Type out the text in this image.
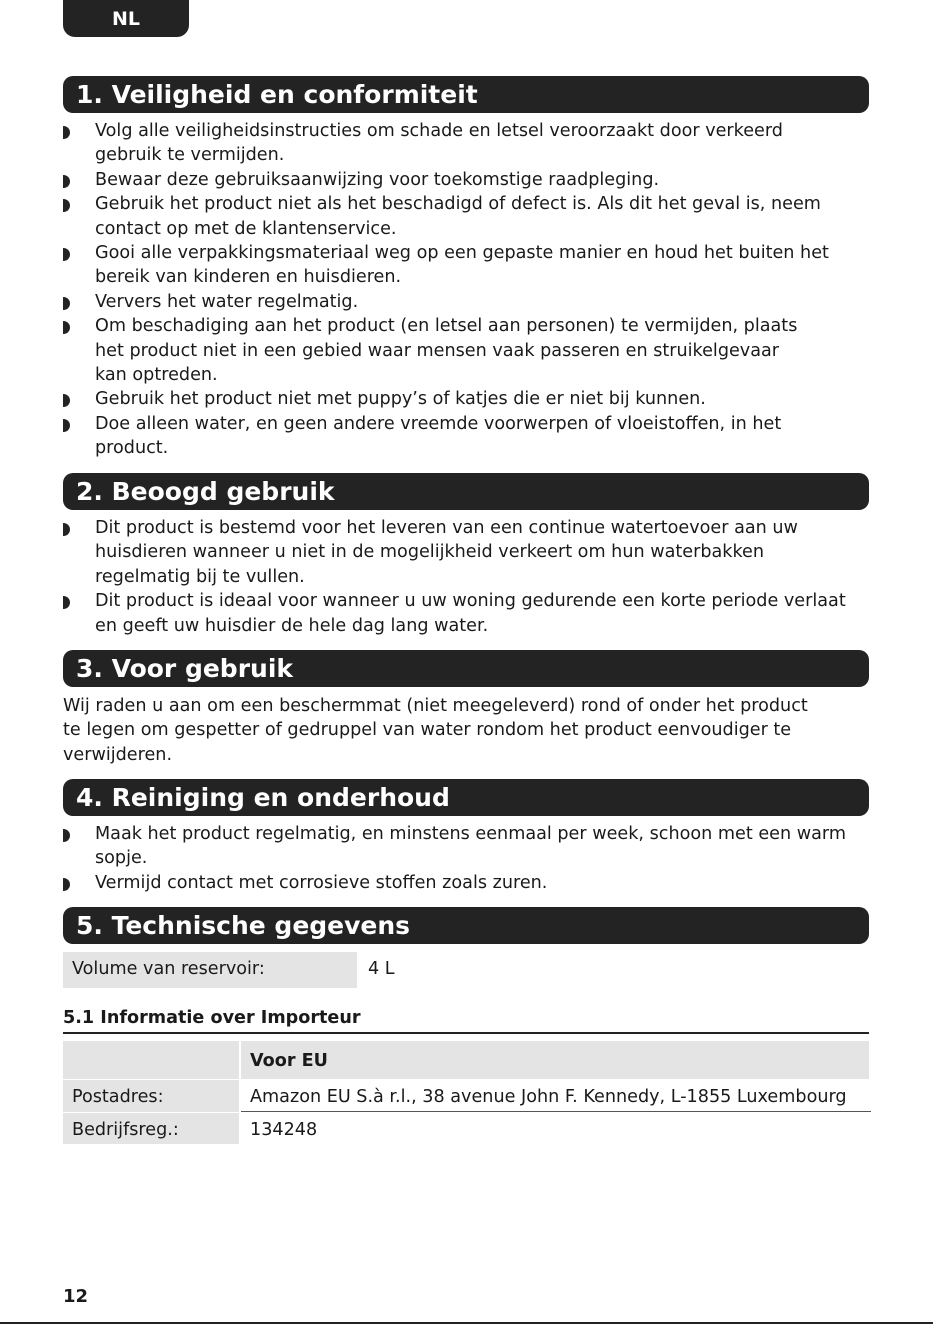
NL
1. Veiligheid en conformiteit
Volg alle veiligheidsinstructies om schade en letsel veroorzaakt door verkeerd
gebruik te vermijden.
Bewaar deze gebruiksaanwijzing voor toekomstige raadpleging.
Gebruik het product niet als het beschadigd of defect is. Als dit het geval is, neem
contact op met de klantenservice.
Gooi alle verpakkingsmateriaal weg op een gepaste manier en houd het buiten het
bereik van kinderen en huisdieren.
Ververs het water regelmatig.
Om beschadiging aan het product (en letsel aan personen) te vermijden, plaats
het product niet in een gebied waar mensen vaak passeren en struikelgevaar
kan optreden.
Gebruik het product niet met puppy’s of katjes die er niet bij kunnen.
Doe alleen water, en geen andere vreemde voorwerpen of vloeistoffen, in het
product.
2. Beoogd gebruik
Dit product is bestemd voor het leveren van een continue watertoevoer aan uw
huisdieren wanneer u niet in de mogelijkheid verkeert om hun waterbakken
regelmatig bij te vullen.
Dit product is ideaal voor wanneer u uw woning gedurende een korte periode verlaat
en geeft uw huisdier de hele dag lang water.
3. Voor gebruik

Wij raden u aan om een beschermmat (niet meegeleverd) rond of onder het product
te legen om gespetter of gedruppel van water rondom het product eenvoudiger te
verwijderen.

4. Reiniging en onderhoud
Maak het product regelmatig, en minstens eenmaal per week, schoon met een warm
sopje.
Vermijd contact met corrosieve stoffen zoals zuren.
5. Technische gegevens
Volume van reservoir:	4 L
5.1 Informatie over Importeur
Voor EU
Postadres:	Amazon EU S.à r.l., 38 avenue John F. Kennedy, L-1855 Luxembourg
Bedrijfsreg.:	134248
12
